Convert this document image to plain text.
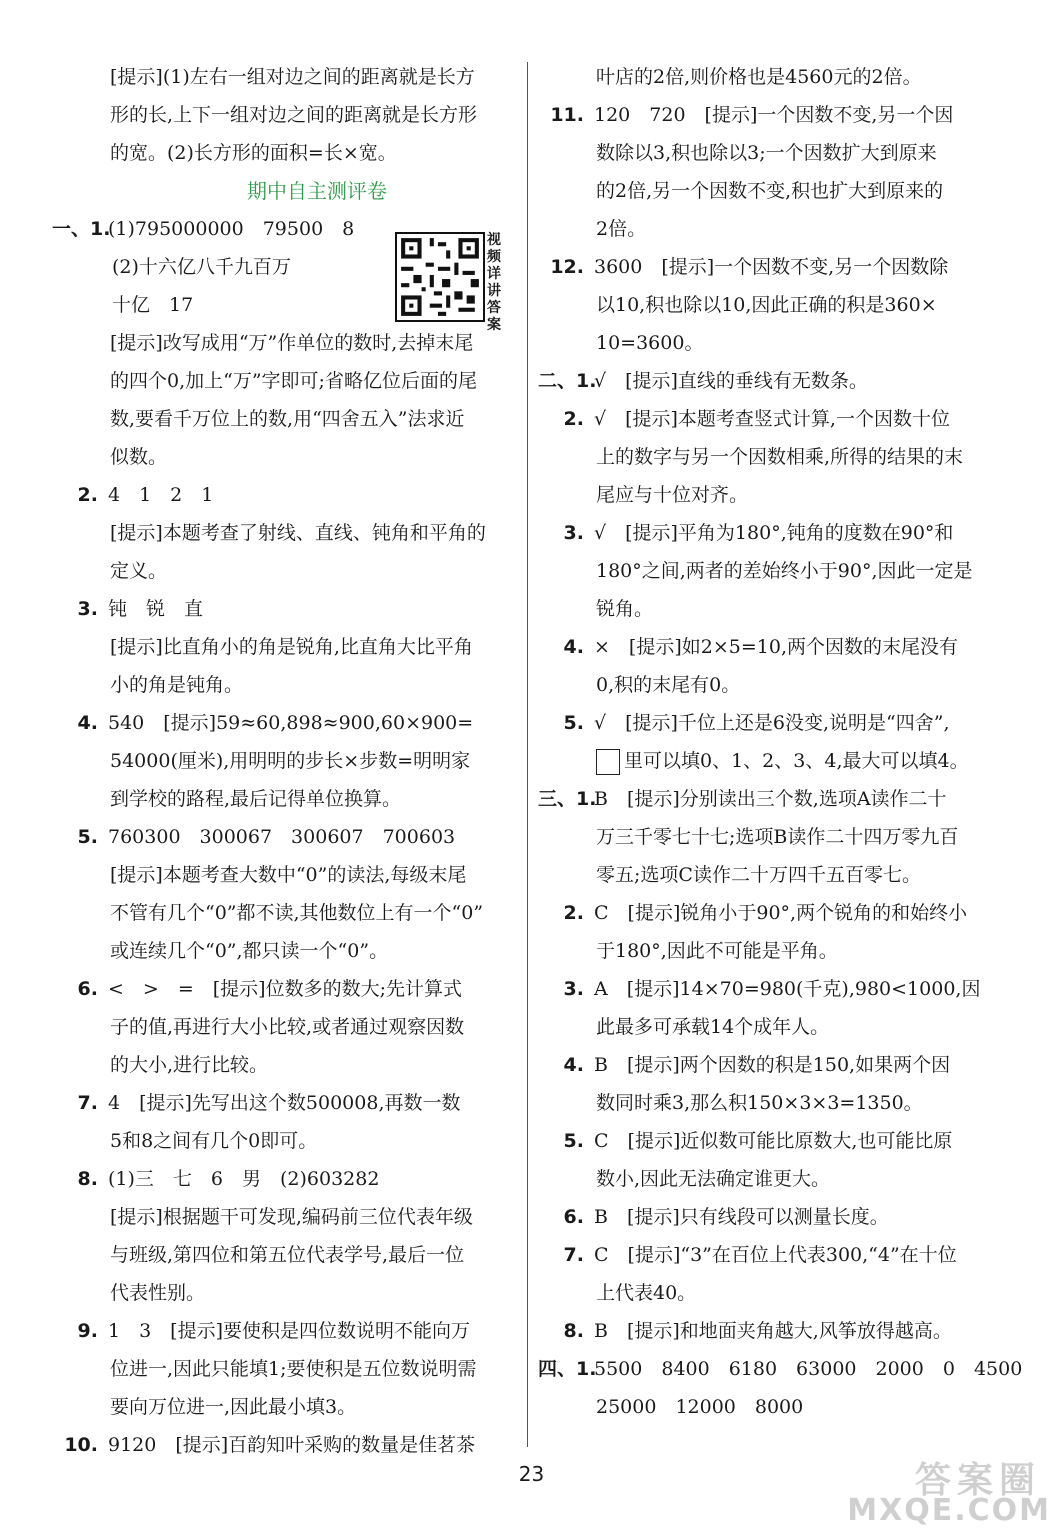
[提示](1)左右一组对边之间的距离就是长方
形的长,上下一组对边之间的距离就是长方形
的宽。(2)长方形的面积=长×宽。
期中自主测评卷
一、1.(1)795000000　79500　8
(2)十六亿八千九百万
十亿　17
[提示]改写成用“万”作单位的数时,去掉末尾
的四个0,加上“万”字即可;省略亿位后面的尾
数,要看千万位上的数,用“四舍五入”法求近
似数。
2. 4　1　2　1
[提示]本题考查了射线、直线、钝角和平角的
定义。
3. 钝　锐　直
[提示]比直角小的角是锐角,比直角大比平角
小的角是钝角。
4. 540　[提示]59≈60,898≈900,60×900=
54000(厘米),用明明的步长×步数=明明家
到学校的路程,最后记得单位换算。
5. 760300　300067　300607　700603
[提示]本题考查大数中“0”的读法,每级末尾
不管有几个“0”都不读,其他数位上有一个“0”
或连续几个“0”,都只读一个“0”。
6. <　>　=　[提示]位数多的数大;先计算式
子的值,再进行大小比较,或者通过观察因数
的大小,进行比较。
7. 4　[提示]先写出这个数500008,再数一数
5和8之间有几个0即可。
8. (1)三　七　6　男　(2)603282
[提示]根据题干可发现,编码前三位代表年级
与班级,第四位和第五位代表学号,最后一位
代表性别。
9. 1　3　[提示]要使积是四位数说明不能向万
位进一,因此只能填1;要使积是五位数说明需
要向万位进一,因此最小填3。
10. 9120　[提示]百韵知叶采购的数量是佳茗茶
叶店的2倍,则价格也是4560元的2倍。
11. 120　720　[提示]一个因数不变,另一个因
数除以3,积也除以3;一个因数扩大到原来
的2倍,另一个因数不变,积也扩大到原来的
2倍。
12. 3600　[提示]一个因数不变,另一个因数除
以10,积也除以10,因此正确的积是360×
10=3600。
二、1.√　[提示]直线的垂线有无数条。
2. √　[提示]本题考查竖式计算,一个因数十位
上的数字与另一个因数相乘,所得的结果的末
尾应与十位对齐。
3. √　[提示]平角为180°,钝角的度数在90°和
180°之间,两者的差始终小于90°,因此一定是
锐角。
4. ×　[提示]如2×5=10,两个因数的末尾没有
0,积的末尾有0。
5. √　[提示]千位上还是6没变,说明是“四舍”,
里可以填0、1、2、3、4,最大可以填4。
三、1.B　[提示]分别读出三个数,选项A读作二十
万三千零七十七;选项B读作二十四万零九百
零五;选项C读作二十万四千五百零七。
2. C　[提示]锐角小于90°,两个锐角的和始终小
于180°,因此不可能是平角。
3. A　[提示]14×70=980(千克),980<1000,因
此最多可承载14个成年人。
4. B　[提示]两个因数的积是150,如果两个因
数同时乘3,那么积150×3×3=1350。
5. C　[提示]近似数可能比原数大,也可能比原
数小,因此无法确定谁更大。
6. B　[提示]只有线段可以测量长度。
7. C　[提示]“3”在百位上代表300,“4”在十位
上代表40。
8. B　[提示]和地面夹角越大,风筝放得越高。
四、1.5500　8400　6180　63000　2000　0　4500
25000　12000　8000
视频详讲答案
23	答案圈
MXQE.COM
